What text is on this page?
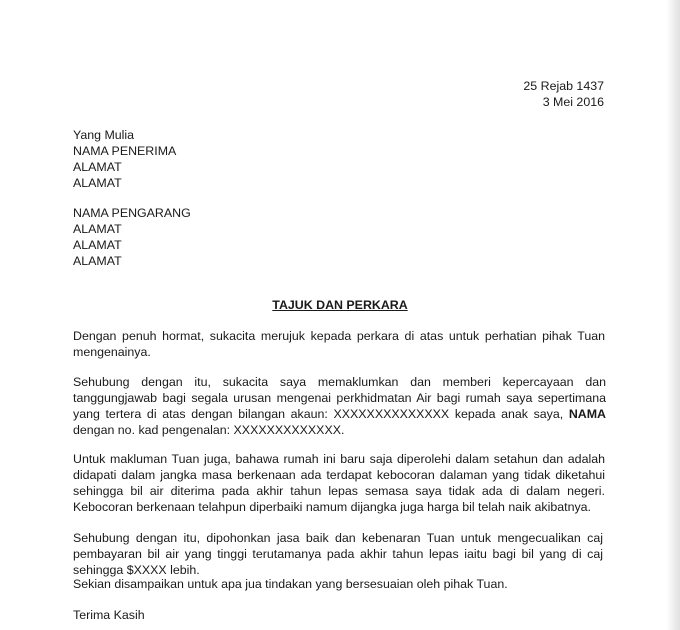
25 Rejab 1437
3 Mei 2016
Yang Mulia
NAMA PENERIMA
ALAMAT
ALAMAT
NAMA PENGARANG
ALAMAT
ALAMAT
ALAMAT
TAJUK DAN PERKARA

Dengan penuh hormat, sukacita merujuk kepada perkara di atas untuk perhatian pihak Tuan mengenainya.

Sehubung dengan itu, sukacita saya memaklumkan dan memberi kepercayaan dan tanggungjawab bagi segala urusan mengenai perkhidmatan Air bagi rumah saya sepertimana yang tertera di atas dengan bilangan akaun: XXXXXXXXXXXXXX kepada anak saya, NAMA dengan no. kad pengenalan: XXXXXXXXXXXXX.

Untuk makluman Tuan juga, bahawa rumah ini baru saja diperolehi dalam setahun dan adalah didapati dalam jangka masa berkenaan ada terdapat kebocoran dalaman yang tidak diketahui sehingga bil air diterima pada akhir tahun lepas semasa saya tidak ada di dalam negeri. Kebocoran berkenaan telahpun diperbaiki namum dijangka juga harga bil telah naik akibatnya.

Sehubung dengan itu, dipohonkan jasa baik dan kebenaran Tuan untuk mengecualikan caj pembayaran bil air yang tinggi terutamanya pada akhir tahun lepas iaitu bagi bil yang di caj sehingga $XXXX lebih.

Sekian disampaikan untuk apa jua tindakan yang bersesuaian oleh pihak Tuan.

Terima Kasih
